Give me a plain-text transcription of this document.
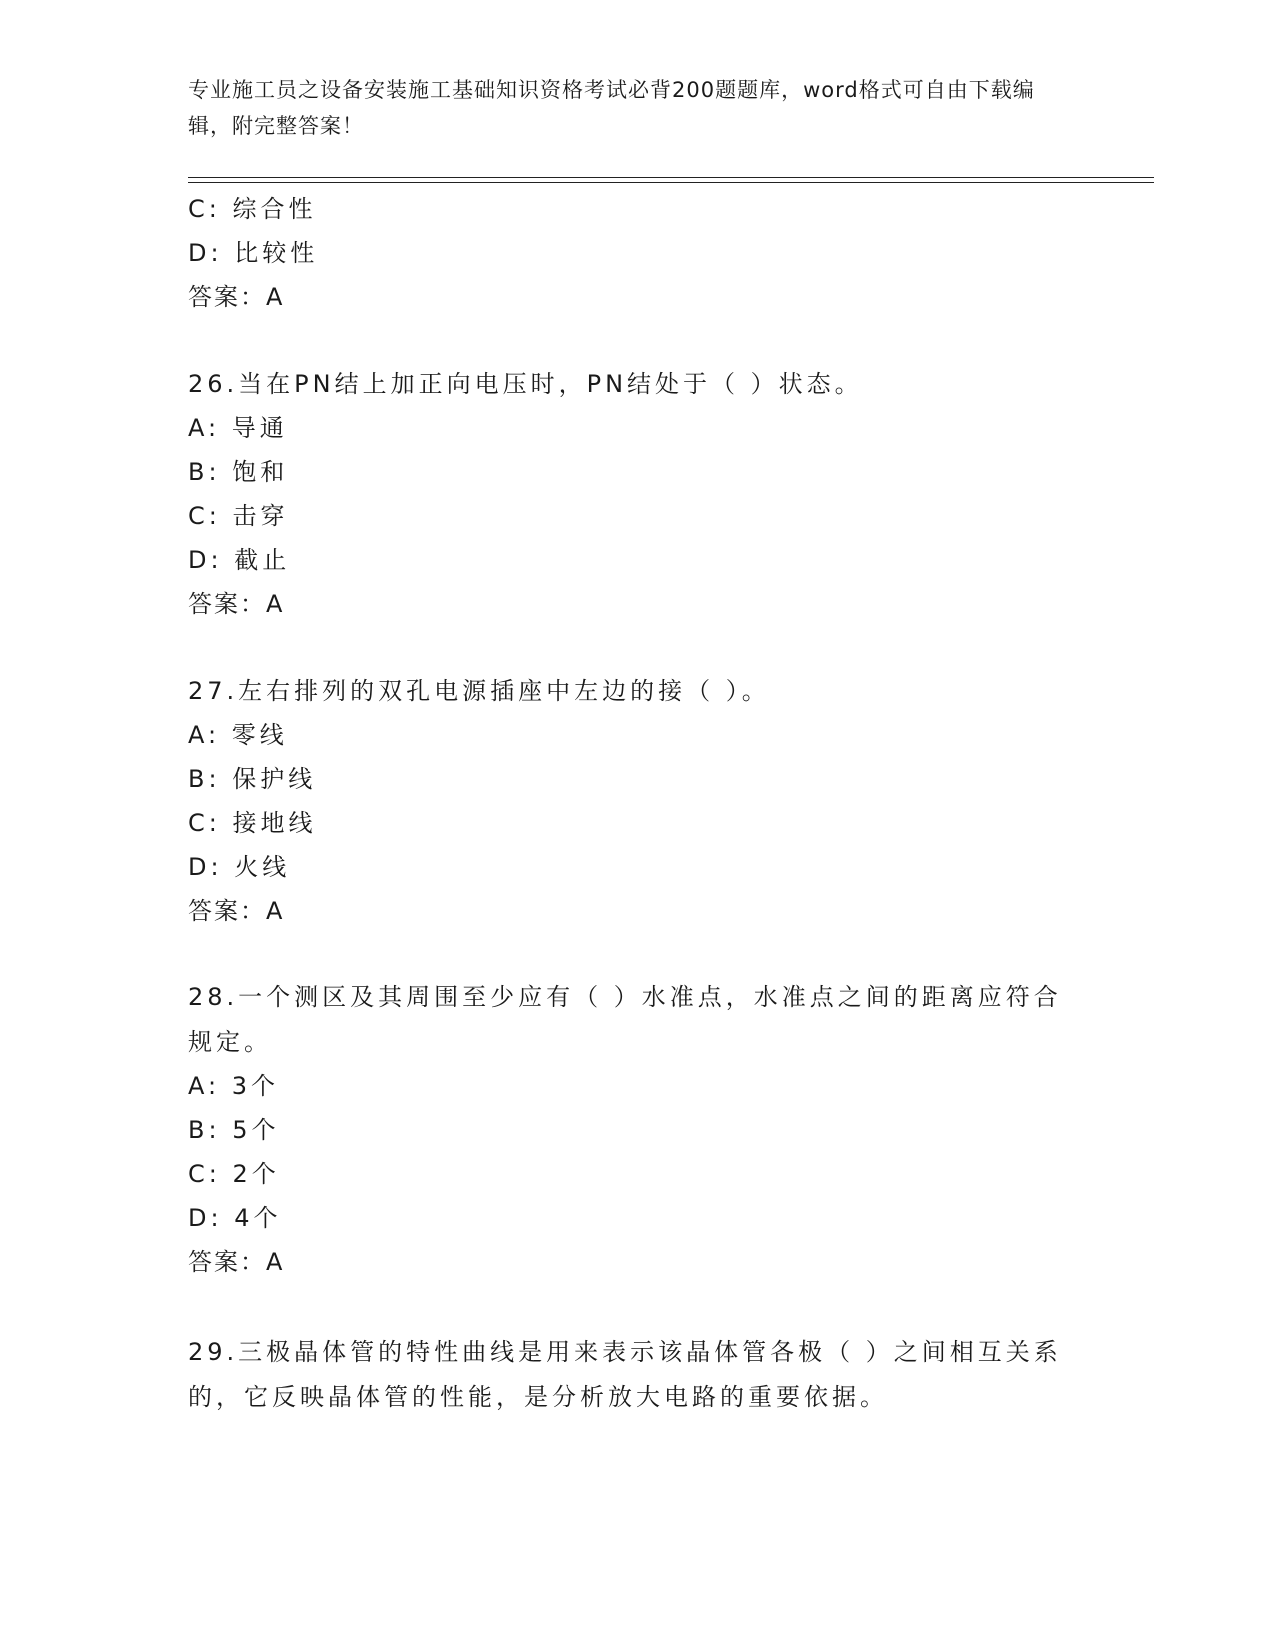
专业施工员之设备安装施工基础知识资格考试必背200题题库，word格式可自由下载编辑，附完整答案！
C: 综合性
D: 比较性
答案：A
26.当在PN结上加正向电压时，PN结处于（ ）状态。
A: 导通
B: 饱和
C: 击穿
D: 截止
答案：A
27.左右排列的双孔电源插座中左边的接（ ）。
A: 零线
B: 保护线
C: 接地线
D: 火线
答案：A
28.一个测区及其周围至少应有（ ）水准点，水准点之间的距离应符合规定。
A: 3个
B: 5个
C: 2个
D: 4个
答案：A
29.三极晶体管的特性曲线是用来表示该晶体管各极（ ）之间相互关系的，它反映晶体管的性能，是分析放大电路的重要依据。
